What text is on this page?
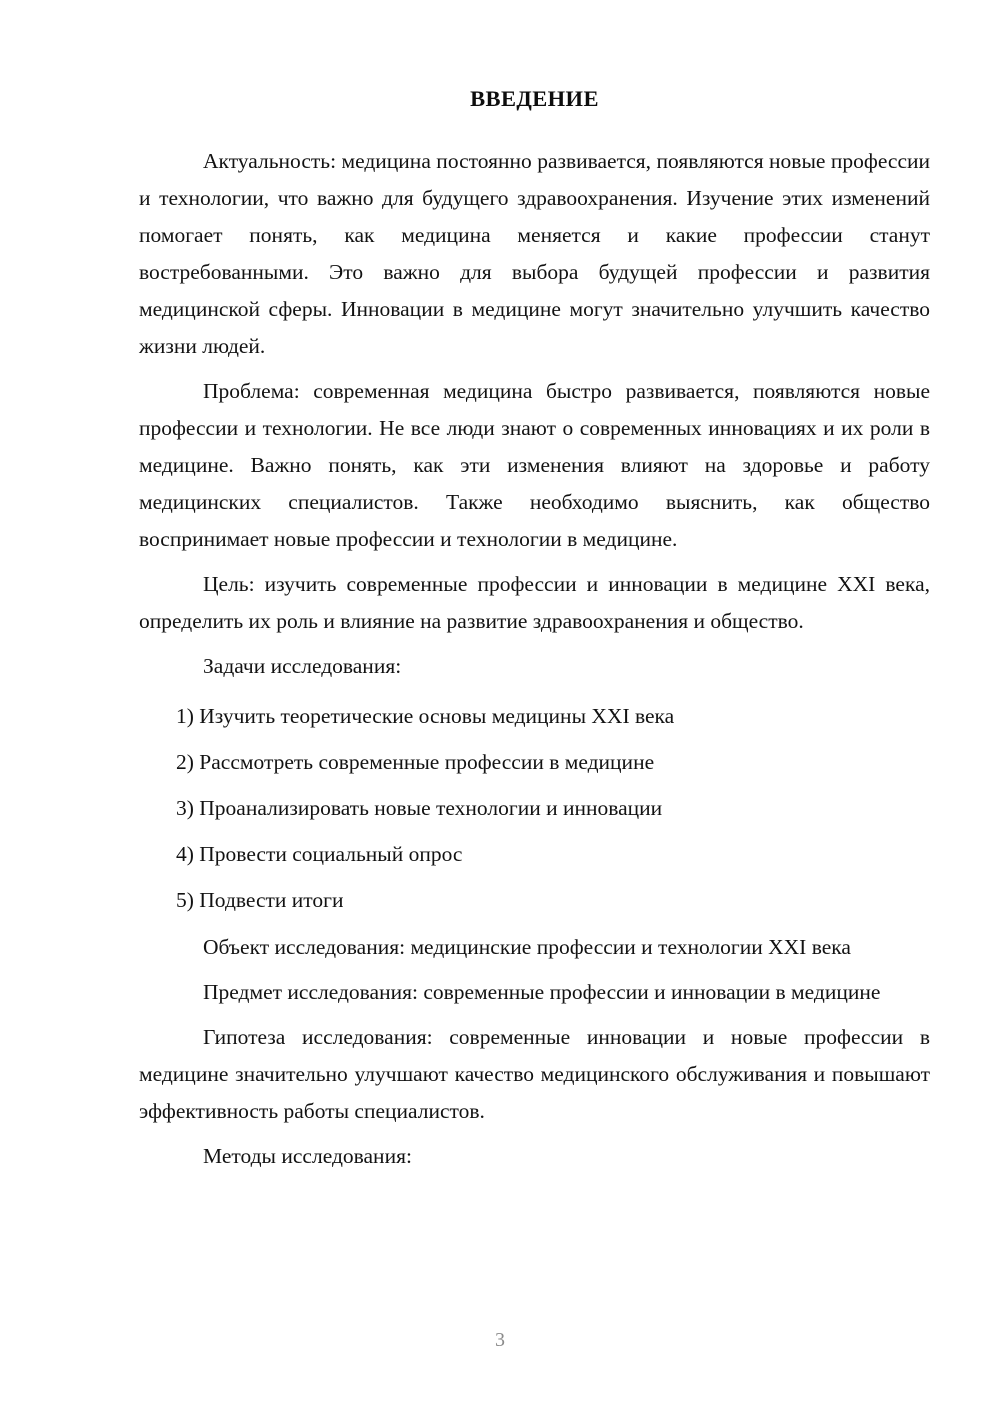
ВВЕДЕНИЕ

Актуальность: медицина постоянно развивается, появляются новые профессии и технологии, что важно для будущего здравоохранения. Изучение этих изменений помогает понять, как медицина меняется и какие профессии станут востребованными. Это важно для выбора будущей профессии и развития медицинской сферы. Инновации в медицине могут значительно улучшить качество жизни людей.

Проблема: современная медицина быстро развивается, появляются новые профессии и технологии. Не все люди знают о современных инновациях и их роли в медицине. Важно понять, как эти изменения влияют на здоровье и работу медицинских специалистов. Также необходимо выяснить, как общество воспринимает новые профессии и технологии в медицине.

Цель: изучить современные профессии и инновации в медицине XXI века, определить их роль и влияние на развитие здравоохранения и общество.

Задачи исследования:

1) Изучить теоретические основы медицины XXI века
2) Рассмотреть современные профессии в медицине
3) Проанализировать новые технологии и инновации
4) Провести социальный опрос
5) Подвести итоги

Объект исследования: медицинские профессии и технологии XXI века

Предмет исследования: современные профессии и инновации в медицине

Гипотеза исследования: современные инновации и новые профессии в медицине значительно улучшают качество медицинского обслуживания и повышают эффективность работы специалистов.

Методы исследования:

3
